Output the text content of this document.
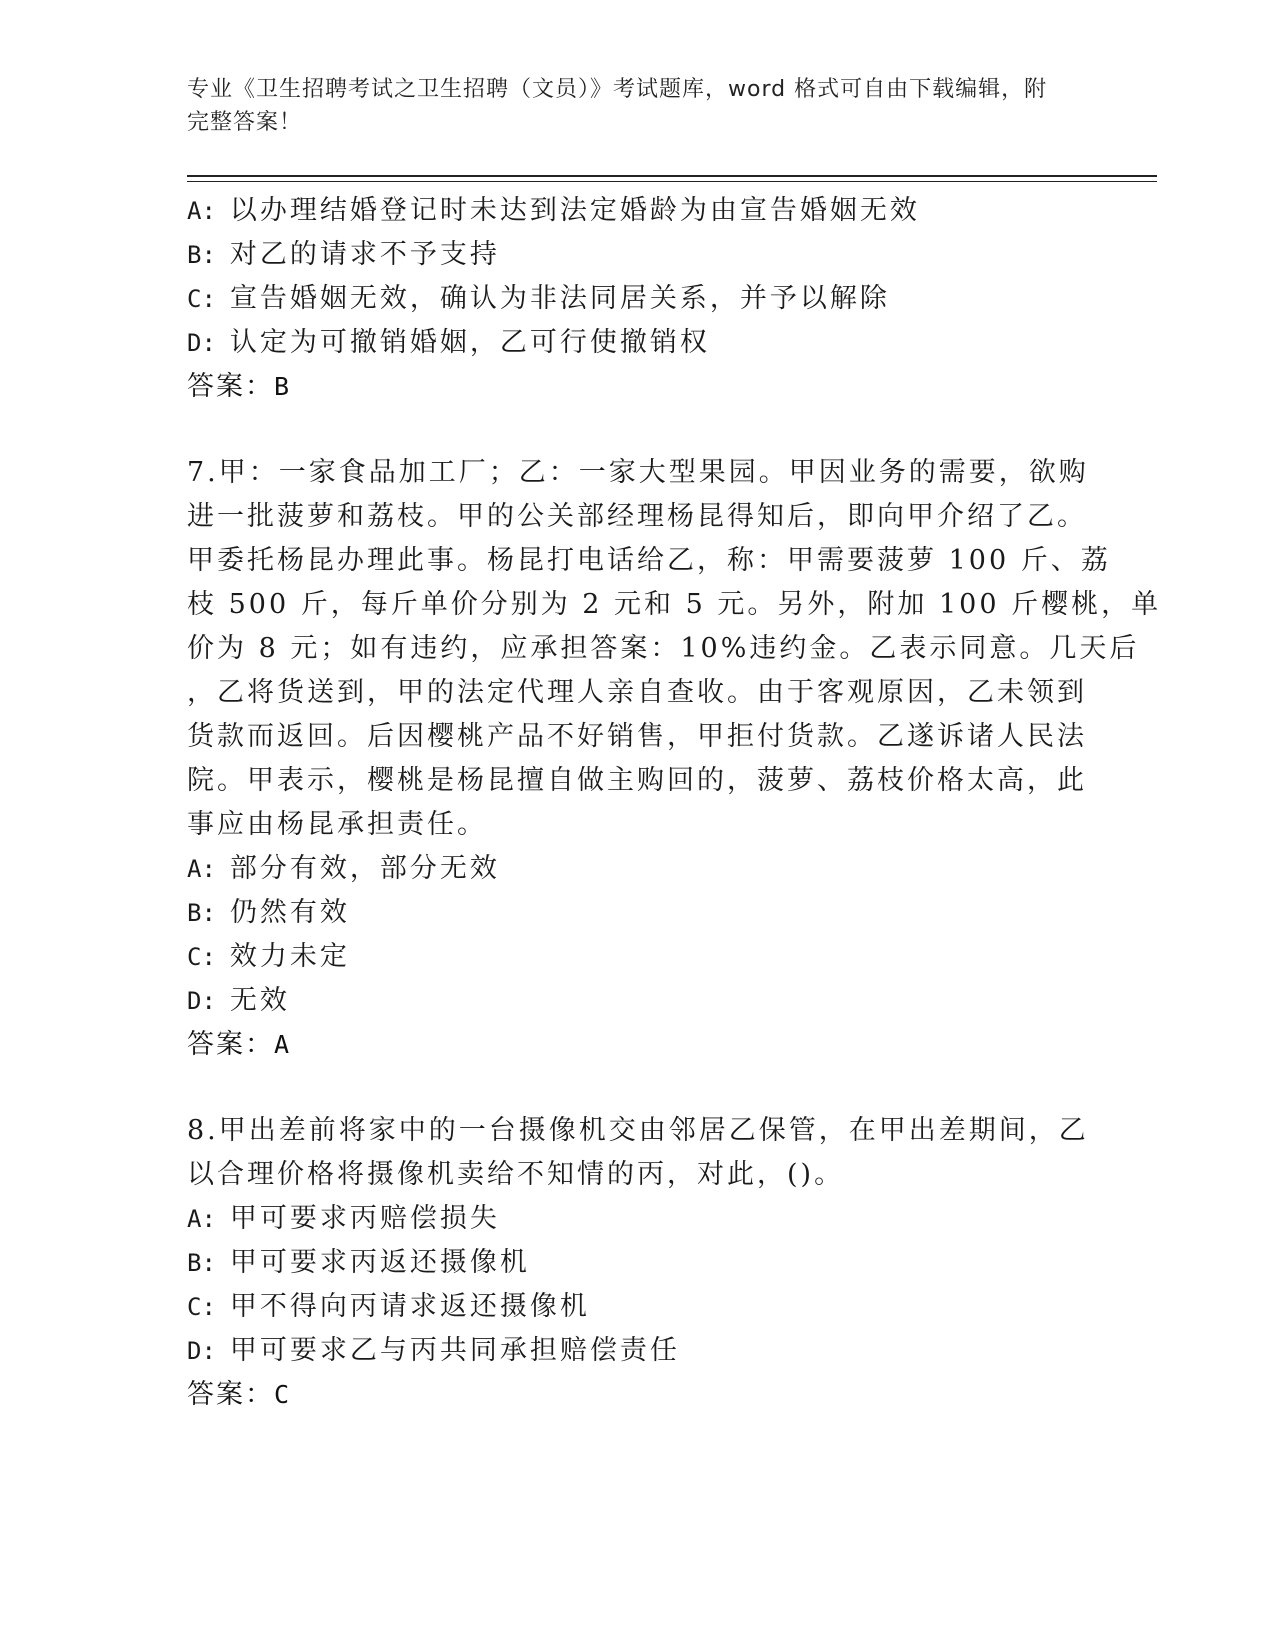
专业《卫生招聘考试之卫生招聘（文员）》考试题库，word 格式可自由下载编辑，附完整答案！
A: 以办理结婚登记时未达到法定婚龄为由宣告婚姻无效
B: 对乙的请求不予支持
C: 宣告婚姻无效，确认为非法同居关系，并予以解除
D: 认定为可撤销婚姻，乙可行使撤销权
答案：B
7.甲：一家食品加工厂；乙：一家大型果园。甲因业务的需要，欲购
进一批菠萝和荔枝。甲的公关部经理杨昆得知后，即向甲介绍了乙。
甲委托杨昆办理此事。杨昆打电话给乙，称：甲需要菠萝 100 斤、荔
枝 500 斤，每斤单价分别为 2 元和 5 元。另外，附加 100 斤樱桃，单
价为 8 元；如有违约，应承担答案：10%违约金。乙表示同意。几天后
，乙将货送到，甲的法定代理人亲自查收。由于客观原因，乙未领到
货款而返回。后因樱桃产品不好销售，甲拒付货款。乙遂诉诸人民法
院。甲表示，樱桃是杨昆擅自做主购回的，菠萝、荔枝价格太高，此
事应由杨昆承担责任。
A: 部分有效，部分无效
B: 仍然有效
C: 效力未定
D: 无效
答案：A
8.甲出差前将家中的一台摄像机交由邻居乙保管，在甲出差期间，乙
以合理价格将摄像机卖给不知情的丙，对此，()。
A: 甲可要求丙赔偿损失
B: 甲可要求丙返还摄像机
C: 甲不得向丙请求返还摄像机
D: 甲可要求乙与丙共同承担赔偿责任
答案：C
